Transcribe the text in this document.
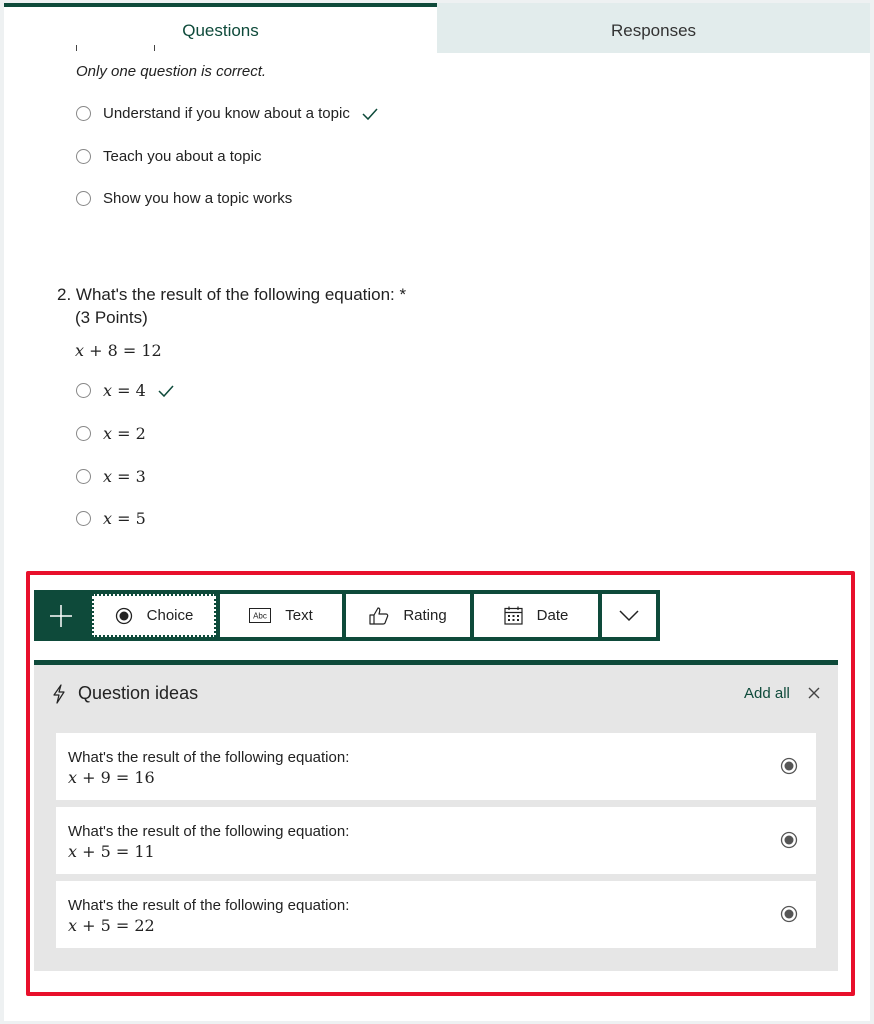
Questions	Responses
Only one question is correct.
Understand if you know about a topic
Teach you about a topic
Show you how a topic works
2. What's the result of the following equation: *
(3 Points)
x + 8 = 12
x = 4
x = 2
x = 3
x = 5
Choice	Abc Text	Rating	Date
Question ideas	Add all
What's the result of the following equation:
x + 9 = 16
What's the result of the following equation:
x + 5 = 11
What's the result of the following equation:
x + 5 = 22
